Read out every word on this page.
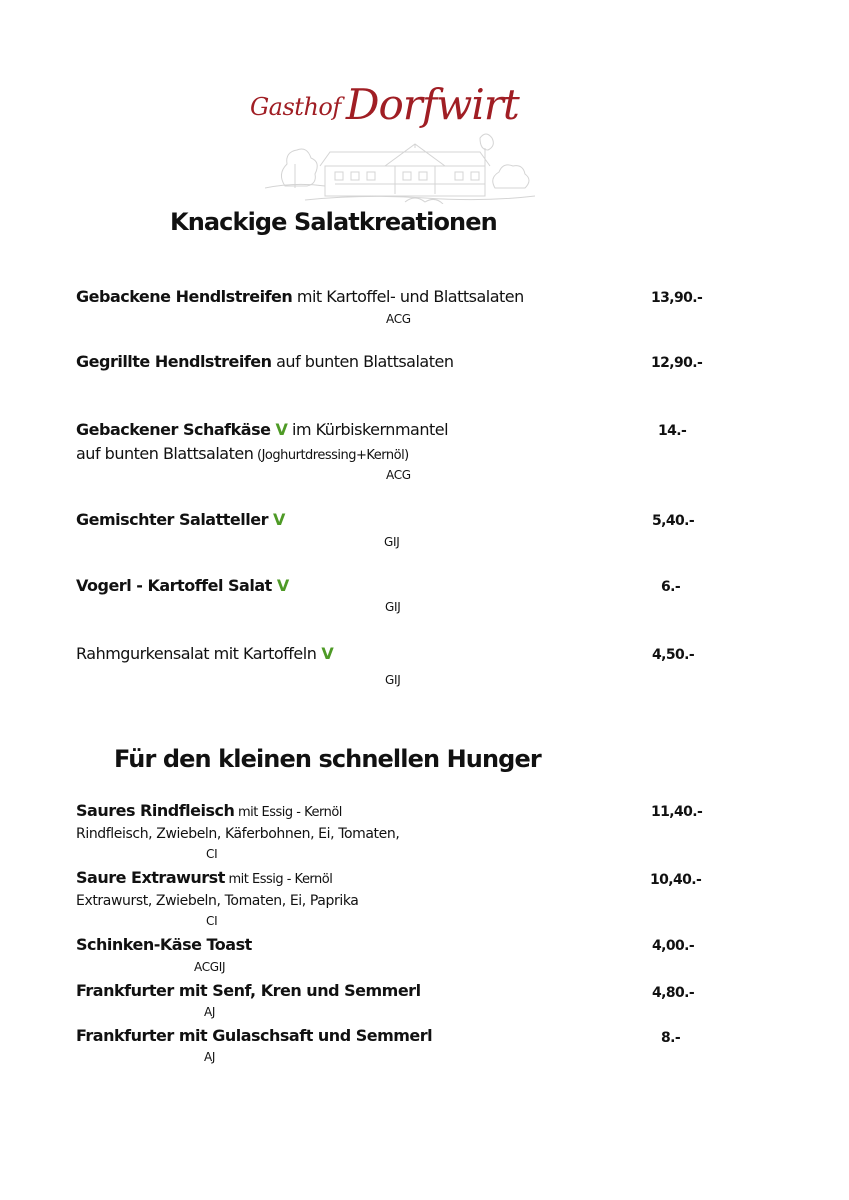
Gasthof Dorfwirt
Knackige Salatkreationen
Gebackene Hendlstreifen mit Kartoffel- und Blattsalaten
ACG
13,90.-
Gegrillte Hendlstreifen auf bunten Blattsalaten	12,90.-
Gebackener Schafkäse V im Kürbiskernmantel
auf bunten Blattsalaten (Joghurtdressing+Kernöl)
ACG
14.-
Gemischter Salatteller V
GIJ
5,40.-
Vogerl - Kartoffel Salat V
GIJ
6.-
Rahmgurkensalat mit Kartoffeln V
GIJ
4,50.-
Für den kleinen schnellen Hunger
Saures Rindfleisch mit Essig - Kernöl
Rindfleisch, Zwiebeln, Käferbohnen, Ei, Tomaten,
CI
11,40.-
Saure Extrawurst mit Essig - Kernöl
Extrawurst, Zwiebeln, Tomaten, Ei, Paprika
CI
10,40.-
Schinken-Käse Toast
ACGIJ
4,00.-
Frankfurter mit Senf, Kren und Semmerl
AJ
4,80.-
Frankfurter mit Gulaschsaft und Semmerl
AJ
8.-
